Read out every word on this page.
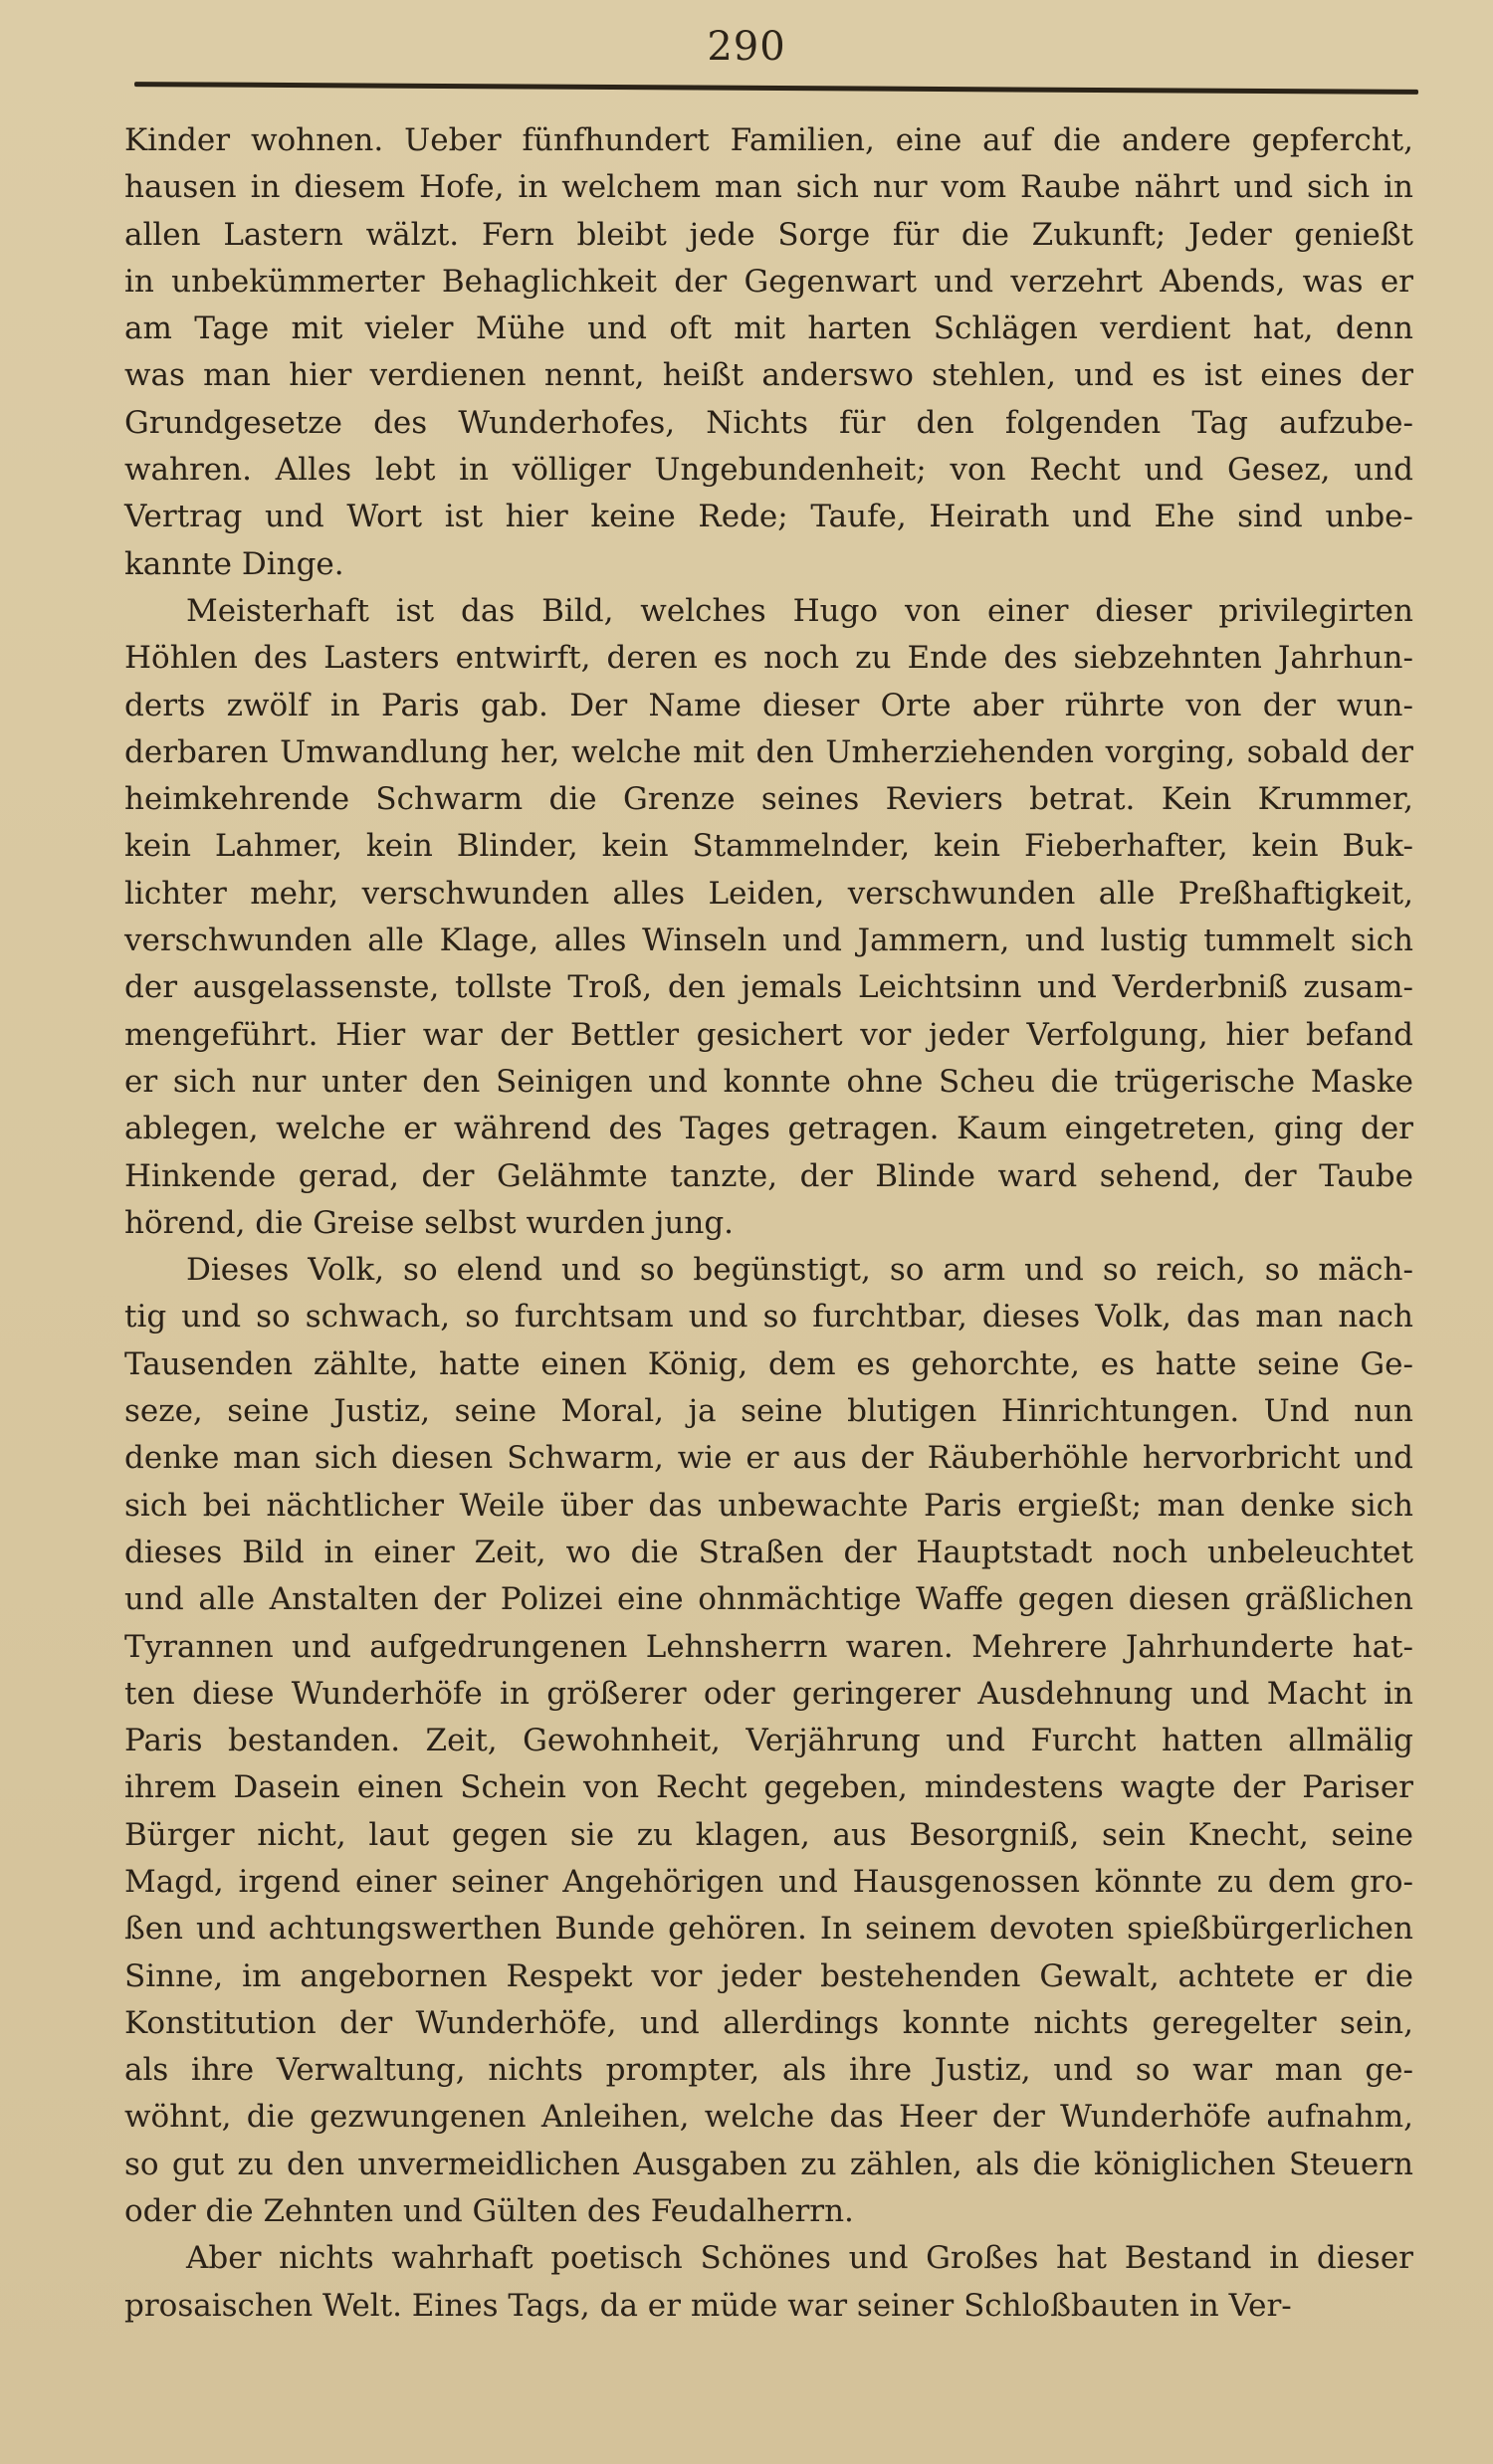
290

Kinder wohnen. Ueber fünfhundert Familien, eine auf die andere gepfercht,
hausen in diesem Hofe, in welchem man sich nur vom Raube nährt und sich in
allen Lastern wälzt. Fern bleibt jede Sorge für die Zukunft; Jeder genießt
in unbekümmerter Behaglichkeit der Gegenwart und verzehrt Abends, was er
am Tage mit vieler Mühe und oft mit harten Schlägen verdient hat, denn
was man hier verdienen nennt, heißt anderswo stehlen, und es ist eines der
Grundgesetze des Wunderhofes, Nichts für den folgenden Tag aufzube-
wahren. Alles lebt in völliger Ungebundenheit; von Recht und Gesez, und
Vertrag und Wort ist hier keine Rede; Taufe, Heirath und Ehe sind unbe-
kannte Dinge.

Meisterhaft ist das Bild, welches Hugo von einer dieser privilegirten
Höhlen des Lasters entwirft, deren es noch zu Ende des siebzehnten Jahrhun-
derts zwölf in Paris gab. Der Name dieser Orte aber rührte von der wun-
derbaren Umwandlung her, welche mit den Umherziehenden vorging, sobald der
heimkehrende Schwarm die Grenze seines Reviers betrat. Kein Krummer,
kein Lahmer, kein Blinder, kein Stammelnder, kein Fieberhafter, kein Buk-
lichter mehr, verschwunden alles Leiden, verschwunden alle Preßhaftigkeit,
verschwunden alle Klage, alles Winseln und Jammern, und lustig tummelt sich
der ausgelassenste, tollste Troß, den jemals Leichtsinn und Verderbniß zusam-
mengeführt. Hier war der Bettler gesichert vor jeder Verfolgung, hier befand
er sich nur unter den Seinigen und konnte ohne Scheu die trügerische Maske
ablegen, welche er während des Tages getragen. Kaum eingetreten, ging der
Hinkende gerad, der Gelähmte tanzte, der Blinde ward sehend, der Taube
hörend, die Greise selbst wurden jung.

Dieses Volk, so elend und so begünstigt, so arm und so reich, so mäch-
tig und so schwach, so furchtsam und so furchtbar, dieses Volk, das man nach
Tausenden zählte, hatte einen König, dem es gehorchte, es hatte seine Ge-
seze, seine Justiz, seine Moral, ja seine blutigen Hinrichtungen. Und nun
denke man sich diesen Schwarm, wie er aus der Räuberhöhle hervorbricht und
sich bei nächtlicher Weile über das unbewachte Paris ergießt; man denke sich
dieses Bild in einer Zeit, wo die Straßen der Hauptstadt noch unbeleuchtet
und alle Anstalten der Polizei eine ohnmächtige Waffe gegen diesen gräßlichen
Tyrannen und aufgedrungenen Lehnsherrn waren. Mehrere Jahrhunderte hat-
ten diese Wunderhöfe in größerer oder geringerer Ausdehnung und Macht in
Paris bestanden. Zeit, Gewohnheit, Verjährung und Furcht hatten allmälig
ihrem Dasein einen Schein von Recht gegeben, mindestens wagte der Pariser
Bürger nicht, laut gegen sie zu klagen, aus Besorgniß, sein Knecht, seine
Magd, irgend einer seiner Angehörigen und Hausgenossen könnte zu dem gro-
ßen und achtungswerthen Bunde gehören. In seinem devoten spießbürgerlichen
Sinne, im angebornen Respekt vor jeder bestehenden Gewalt, achtete er die
Konstitution der Wunderhöfe, und allerdings konnte nichts geregelter sein,
als ihre Verwaltung, nichts prompter, als ihre Justiz, und so war man ge-
wöhnt, die gezwungenen Anleihen, welche das Heer der Wunderhöfe aufnahm,
so gut zu den unvermeidlichen Ausgaben zu zählen, als die königlichen Steuern
oder die Zehnten und Gülten des Feudalherrn.

Aber nichts wahrhaft poetisch Schönes und Großes hat Bestand in dieser
prosaischen Welt. Eines Tags, da er müde war seiner Schloßbauten in Ver-
